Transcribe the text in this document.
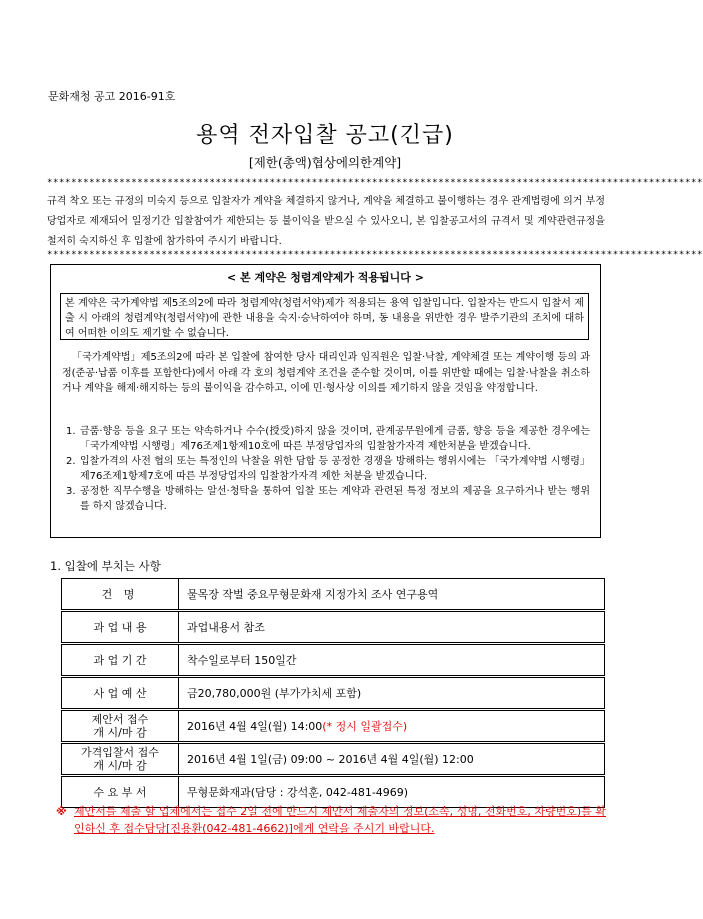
문화재청 공고 2016-91호
용역 전자입찰 공고(긴급)
[제한(총액)협상에의한계약]
*************************************************************************************************************
규격 착오 또는 규정의 미숙지 등으로 입찰자가 계약을 체결하지 않거나, 계약을 체결하고 불이행하는 경우 관계법령에 의거 부정당업자로 제재되어 일정기간 입찰참여가 제한되는 등 불이익을 받으실 수 있사오니, 본 입찰공고서의 규격서 및 계약관련규정을 철저히 숙지하신 후 입찰에 참가하여 주시기 바랍니다.
*************************************************************************************************************
< 본 계약은 청렴계약제가 적용됩니다 >
본 계약은 국가계약법 제5조의2에 따라 청렴계약(청렴서약)제가 적용되는 용역 입찰입니다. 입찰자는 반드시 입찰서 제출 시 아래의 청렴계약(청렴서약)에 관한 내용을 숙지·승낙하여야 하며, 동 내용을 위반한 경우 발주기관의 조치에 대하여 어떠한 이의도 제기할 수 없습니다.
「국가계약법」제5조의2에 따라 본 입찰에 참여한 당사 대리인과 임직원은 입찰·낙찰, 계약체결 또는 계약이행 등의 과정(준공·납품 이후를 포함한다)에서 아래 각 호의 청렴계약 조건을 준수할 것이며, 이를 위반할 때에는 입찰·낙찰을 취소하거나 계약을 해제·해지하는 등의 불이익을 감수하고, 이에 민·형사상 이의를 제기하지 않을 것임을 약정합니다.
1. 금품·향응 등을 요구 또는 약속하거나 수수(授受)하지 않을 것이며, 관계공무원에게 금품, 향응 등을 제공한 경우에는 「국가계약법 시행령」제76조제1항제10호에 따른 부정당업자의 입찰참가자격 제한처분을 받겠습니다.
2. 입찰가격의 사전 협의 또는 특정인의 낙찰을 위한 담합 등 공정한 경쟁을 방해하는 행위시에는 「국가계약법 시행령」제76조제1항제7호에 따른 부정당업자의 입찰참가자격 제한 처분을 받겠습니다.
3. 공정한 직무수행을 방해하는 알선·청탁을 통하여 입찰 또는 계약과 관련된 특정 정보의 제공을 요구하거나 받는 행위를 하지 않겠습니다.
1. 입찰에 부치는 사항
건 명	물목장 작벌 중요무형문화재 지정가치 조사 연구용역
과 업 내 용	과업내용서 참조
과 업 기 간	착수일로부터 150일간
사 업 예 산	금20,780,000원 (부가가치세 포함)

제안서 접수
개 시/마 감	2016년 4월 4일(월) 14:00(* 정시 일괄접수)

가격입찰서 접수
개 시/마 감	2016년 4월 1일(금) 09:00 ~ 2016년 4월 4일(월) 12:00
수 요 부 서	무형문화재과(담당 : 강석훈, 042-481-4969)
※ 제안서를 제출 할 업체에서는 접수 2일 전에 반드시 제안서 제출자의 정보(소속, 성명, 전화번호, 차량번호)를 확인하신 후 접수담당[진용환(042-481-4662)]에게 연락을 주시기 바랍니다.
